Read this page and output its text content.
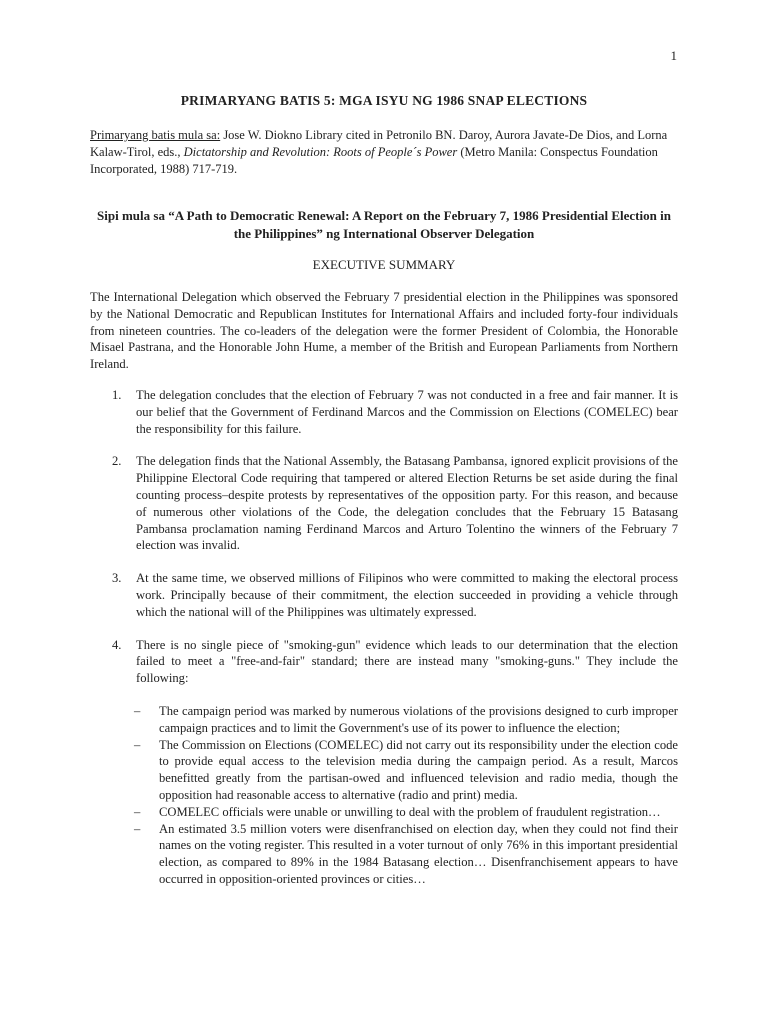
1
PRIMARYANG BATIS 5: MGA ISYU NG 1986 SNAP ELECTIONS
Primaryang batis mula sa: Jose W. Diokno Library cited in Petronilo BN. Daroy, Aurora Javate-De Dios, and Lorna Kalaw-Tirol, eds., Dictatorship and Revolution: Roots of People´s Power (Metro Manila: Conspectus Foundation Incorporated, 1988) 717-719.
Sipi mula sa “A Path to Democratic Renewal: A Report on the February 7, 1986 Presidential Election in the Philippines” ng International Observer Delegation
EXECUTIVE SUMMARY

The International Delegation which observed the February 7 presidential election in the Philippines was sponsored by the National Democratic and Republican Institutes for International Affairs and included forty-four individuals from nineteen countries. The co-leaders of the delegation were the former President of Colombia, the Honorable Misael Pastrana, and the Honorable John Hume, a member of the British and European Parliaments from Northern Ireland.

1. The delegation concludes that the election of February 7 was not conducted in a free and fair manner. It is our belief that the Government of Ferdinand Marcos and the Commission on Elections (COMELEC) bear the responsibility for this failure.
2. The delegation finds that the National Assembly, the Batasang Pambansa, ignored explicit provisions of the Philippine Electoral Code requiring that tampered or altered Election Returns be set aside during the final counting process–despite protests by representatives of the opposition party. For this reason, and because of numerous other violations of the Code, the delegation concludes that the February 15 Batasang Pambansa proclamation naming Ferdinand Marcos and Arturo Tolentino the winners of the February 7 election was invalid.
3. At the same time, we observed millions of Filipinos who were committed to making the electoral process work. Principally because of their commitment, the election succeeded in providing a vehicle through which the national will of the Philippines was ultimately expressed.
4. There is no single piece of "smoking-gun" evidence which leads to our determination that the election failed to meet a "free-and-fair" standard; there are instead many "smoking-guns." They include the following:
– The campaign period was marked by numerous violations of the provisions designed to curb improper campaign practices and to limit the Government's use of its power to influence the election;
– The Commission on Elections (COMELEC) did not carry out its responsibility under the election code to provide equal access to the television media during the campaign period. As a result, Marcos benefitted greatly from the partisan-owed and influenced television and radio media, though the opposition had reasonable access to alternative (radio and print) media.
– COMELEC officials were unable or unwilling to deal with the problem of fraudulent registration…
– An estimated 3.5 million voters were disenfranchised on election day, when they could not find their names on the voting register. This resulted in a voter turnout of only 76% in this important presidential election, as compared to 89% in the 1984 Batasang election… Disenfranchisement appears to have occurred in opposition-oriented provinces or cities…
